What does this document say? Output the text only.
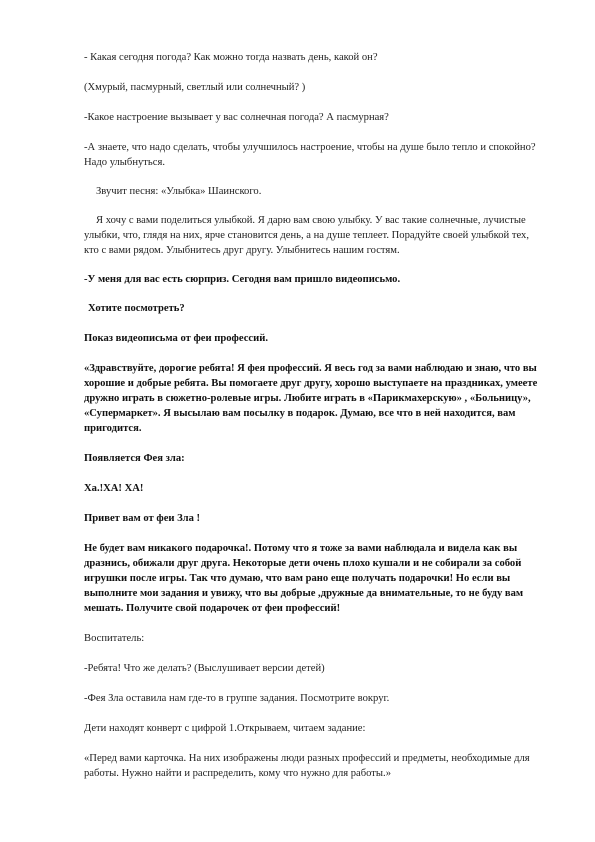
- Какая сегодня погода? Как можно тогда назвать день, какой он?

(Хмурый, пасмурный, светлый или солнечный? )

-Какое настроение вызывает у вас солнечная погода? А пасмурная?

-А знаете, что надо сделать, чтобы улучшилось настроение, чтобы на душе было тепло и спокойно? Надо улыбнуться.

Звучит песня: «Улыбка» Шаинского.

Я хочу с вами поделиться улыбкой. Я дарю вам свою улыбку. У вас такие солнечные, лучистые улыбки, что, глядя на них, ярче становится день, а на душе теплеет. Порадуйте своей улыбкой тех, кто с вами рядом. Улыбнитесь друг другу. Улыбнитесь нашим гостям.

-У меня для вас есть сюрприз. Сегодня вам пришло видеописьмо.

Хотите посмотреть?

Показ видеописьма от феи профессий.

«Здравствуйте, дорогие ребята! Я фея профессий. Я весь год за вами наблюдаю и знаю, что вы хорошие и добрые ребята. Вы помогаете друг другу, хорошо выступаете на праздниках, умеете дружно играть в сюжетно-ролевые игры. Любите играть в «Парикмахерскую» , «Больницу», «Супермаркет». Я высылаю вам посылку в подарок. Думаю, все что в ней находится, вам пригодится.

Появляется Фея зла:

Ха.!ХА! ХА!

Привет вам от феи Зла !

Не будет вам никакого подарочка!. Потому что я тоже за вами наблюдала и видела как вы дразнись, обижали друг друга. Некоторые дети очень плохо кушали и не собирали за собой игрушки после игры. Так что думаю, что вам рано еще получать подарочки! Но если вы выполните мои задания и увижу, что вы добрые ,дружные да внимательные, то не буду вам мешать. Получите свой подарочек от феи профессий!

Воспитатель:

-Ребята! Что же делать? (Выслушивает версии детей)

-Фея Зла оставила нам где-то в группе задания. Посмотрите вокруг.

Дети находят конверт с цифрой 1.Открываем, читаем задание:

«Перед вами карточка. На них изображены люди разных профессий и предметы, необходимые для работы. Нужно найти и распределить, кому что нужно для работы.»
